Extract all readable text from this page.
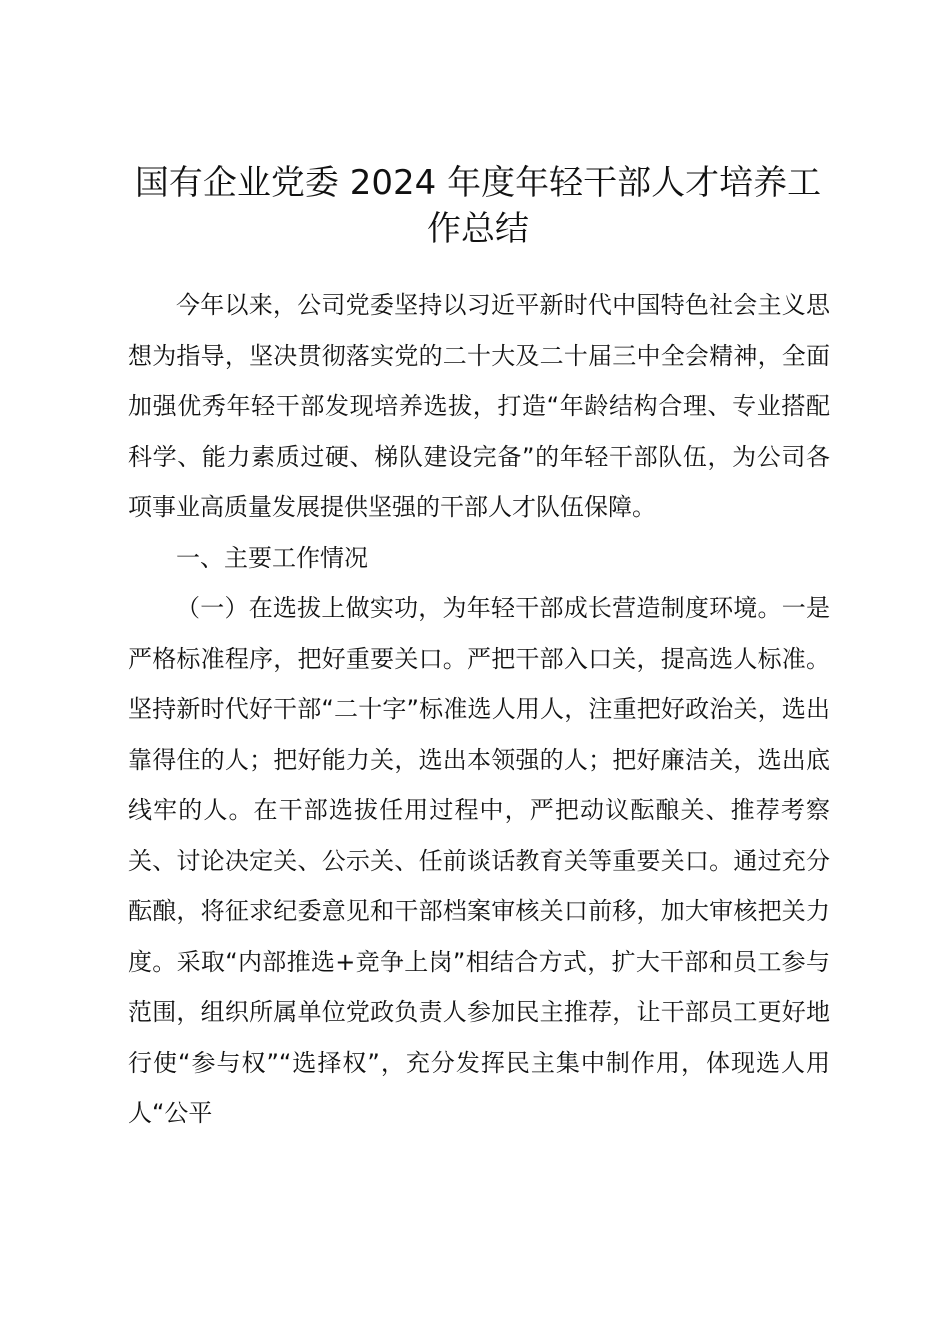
国有企业党委 2024 年度年轻干部人才培养工作总结

今年以来，公司党委坚持以习近平新时代中国特色社会主义思想为指导，坚决贯彻落实党的二十大及二十届三中全会精神，全面加强优秀年轻干部发现培养选拔，打造“年龄结构合理、专业搭配科学、能力素质过硬、梯队建设完备”的年轻干部队伍，为公司各项事业高质量发展提供坚强的干部人才队伍保障。

一、主要工作情况

（一）在选拔上做实功，为年轻干部成长营造制度环境。一是严格标准程序，把好重要关口。严把干部入口关，提高选人标准。坚持新时代好干部“二十字”标准选人用人，注重把好政治关，选出靠得住的人；把好能力关，选出本领强的人；把好廉洁关，选出底线牢的人。在干部选拔任用过程中，严把动议酝酿关、推荐考察关、讨论决定关、公示关、任前谈话教育关等重要关口。通过充分酝酿，将征求纪委意见和干部档案审核关口前移，加大审核把关力度。采取“内部推选+竞争上岗”相结合方式，扩大干部和员工参与范围，组织所属单位党政负责人参加民主推荐，让干部员工更好地行使“参与权”“选择权”，充分发挥民主集中制作用，体现选人用人“公平
